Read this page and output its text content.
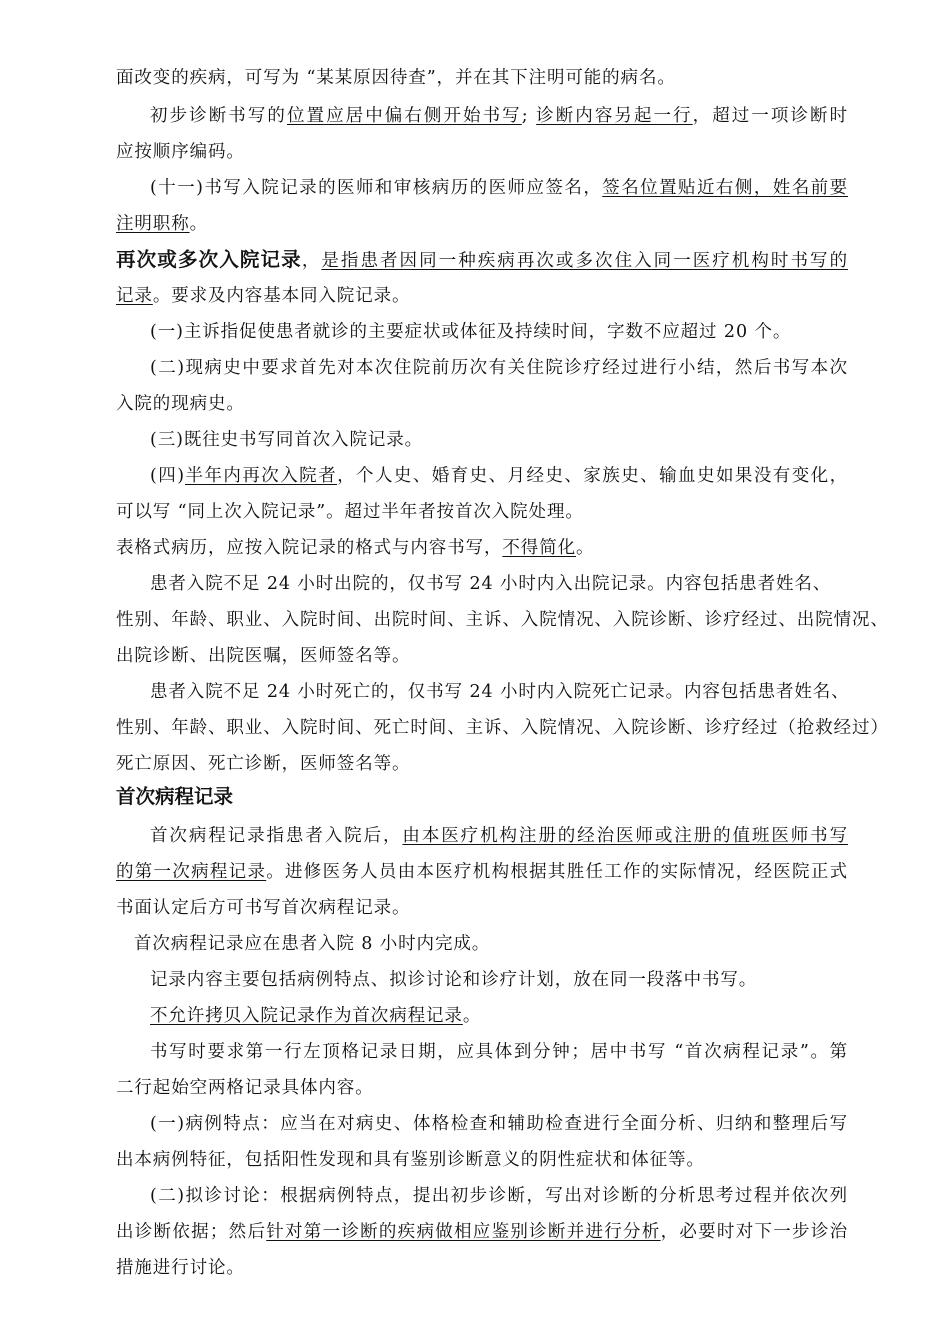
面改变的疾病，可写为 “某某原因待查”，并在其下注明可能的病名。
初步诊断书写的位置应居中偏右侧开始书写; 诊断内容另起一行，超过一项诊断时
应按顺序编码。
(十一)书写入院记录的医师和审核病历的医师应签名，签名位置贴近右侧，姓名前要
注明职称。
再次或多次入院记录，是指患者因同一种疾病再次或多次住入同一医疗机构时书写的
记录。要求及内容基本同入院记录。
(一)主诉指促使患者就诊的主要症状或体征及持续时间，字数不应超过 20 个。
(二)现病史中要求首先对本次住院前历次有关住院诊疗经过进行小结，然后书写本次
入院的现病史。
(三)既往史书写同首次入院记录。
(四)半年内再次入院者，个人史、婚育史、月经史、家族史、输血史如果没有变化，
可以写 “同上次入院记录”。超过半年者按首次入院处理。
表格式病历，应按入院记录的格式与内容书写，不得简化。
患者入院不足 24 小时出院的，仅书写 24 小时内入出院记录。内容包括患者姓名、
性别、年龄、职业、入院时间、出院时间、主诉、入院情况、入院诊断、诊疗经过、出院情况、
出院诊断、出院医嘱，医师签名等。
患者入院不足 24 小时死亡的，仅书写 24 小时内入院死亡记录。内容包括患者姓名、
性别、年龄、职业、入院时间、死亡时间、主诉、入院情况、入院诊断、诊疗经过（抢救经过）
死亡原因、死亡诊断，医师签名等。
首次病程记录
首次病程记录指患者入院后，由本医疗机构注册的经治医师或注册的值班医师书写
的第一次病程记录。进修医务人员由本医疗机构根据其胜任工作的实际情况，经医院正式
书面认定后方可书写首次病程记录。
首次病程记录应在患者入院 8 小时内完成。
记录内容主要包括病例特点、拟诊讨论和诊疗计划，放在同一段落中书写。
不允许拷贝入院记录作为首次病程记录。
书写时要求第一行左顶格记录日期，应具体到分钟；居中书写 “首次病程记录”。第
二行起始空两格记录具体内容。
(一)病例特点：应当在对病史、体格检查和辅助检查进行全面分析、归纳和整理后写
出本病例特征，包括阳性发现和具有鉴别诊断意义的阴性症状和体征等。
(二)拟诊讨论：根据病例特点，提出初步诊断，写出对诊断的分析思考过程并依次列
出诊断依据；然后针对第一诊断的疾病做相应鉴别诊断并进行分析，必要时对下一步诊治
措施进行讨论。
